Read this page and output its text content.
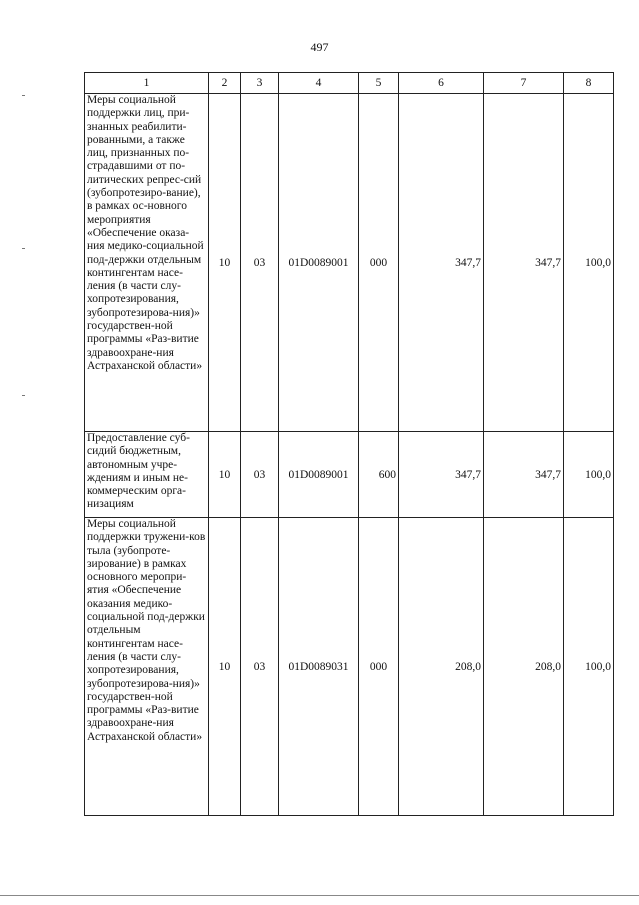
497
1	2	3	4	5	6	7	8
Меры социальной поддержки лиц, при-знанных реабилити-рованными, а также лиц, признанных по-страдавшими от по-литических репрес-сий (зубопротезиро-вание), в рамках ос-новного мероприятия «Обеспечение оказа-ния медико-социальной под-держки отдельным контингентам насе-ления (в части слу-хопротезирования, зубопротезирова-ния)» государствен-ной программы «Раз-витие здравоохране-ния Астраханской области»	10	03	01D0089001	000	347,7	347,7	100,0
Предоставление суб-сидий бюджетным, автономным учре-ждениям и иным не-коммерческим орга-низациям	10	03	01D0089001	600	347,7	347,7	100,0
Меры социальной поддержки тружени-ков тыла (зубопроте-зирование) в рамках основного меропри-ятия «Обеспечение оказания медико-социальной под-держки отдельным контингентам насе-ления (в части слу-хопротезирования, зубопротезирова-ния)» государствен-ной программы «Раз-витие здравоохране-ния Астраханской области»	10	03	01D0089031	000	208,0	208,0	100,0
